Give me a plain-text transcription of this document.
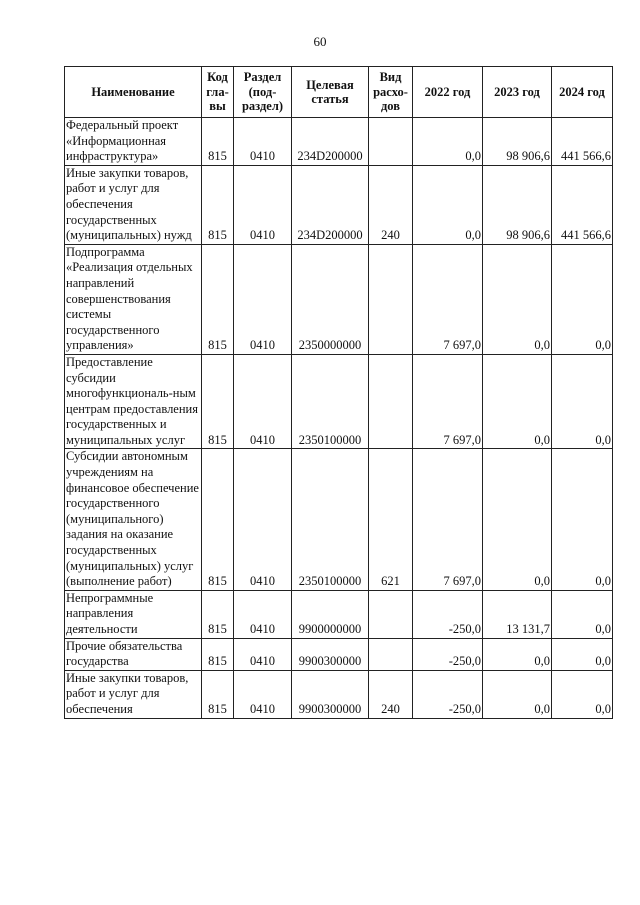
60
Наименование	Код
гла-
вы	Раздел
(под-
раздел)	Целевая
статья	Вид
расхо-
дов	2022 год	2023 год	2024 год
Федеральный проект «Информационная инфраструктура»	815	0410	234D200000		0,0	98 906,6	441 566,6
Иные закупки товаров, работ и услуг для обеспечения государственных (муниципальных) нужд	815	0410	234D200000	240	0,0	98 906,6	441 566,6
Подпрограмма «Реализация отдельных направлений совершенствования системы государственного управления»	815	0410	2350000000		7 697,0	0,0	0,0
Предоставление субсидии многофункциональ-ным центрам предоставления государственных и муниципальных услуг	815	0410	2350100000		7 697,0	0,0	0,0
Субсидии автономным учреждениям на финансовое обеспечение государственного (муниципального) задания на оказание государственных (муниципальных) услуг (выполнение работ)	815	0410	2350100000	621	7 697,0	0,0	0,0
Непрограммные направления деятельности	815	0410	9900000000		-250,0	13 131,7	0,0
Прочие обязательства государства	815	0410	9900300000		-250,0	0,0	0,0
Иные закупки товаров, работ и услуг для обеспечения	815	0410	9900300000	240	-250,0	0,0	0,0
